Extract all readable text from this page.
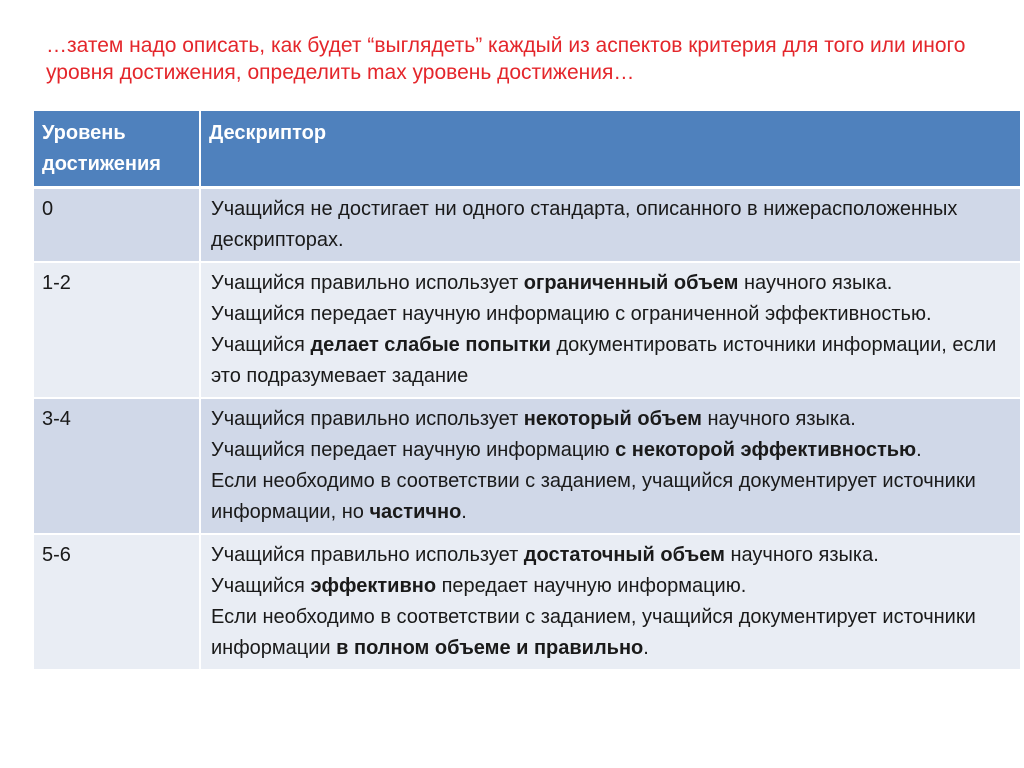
…затем надо описать, как будет “выглядеть” каждый из аспектов критерия для того или иного уровня достижения, определить max уровень достижения…
Уровень достижения	Дескриптор
0	Учащийся не достигает ни одного стандарта, описанного в нижерасположенных дескрипторах.

1-2	Учащийся правильно использует ограниченный объем научного языка.
Учащийся передает научную информацию с ограниченной эффективностью.
Учащийся делает слабые попытки документировать источники информации, если это подразумевает задание

3-4	Учащийся правильно использует некоторый объем научного языка.
Учащийся передает научную информацию с некоторой эффективностью.
Если необходимо в соответствии с заданием, учащийся документирует источники информации, но частично.

5-6	Учащийся правильно использует достаточный объем научного языка.
Учащийся эффективно передает научную информацию.
Если необходимо в соответствии с заданием, учащийся документирует источники информации в полном объеме и правильно.
